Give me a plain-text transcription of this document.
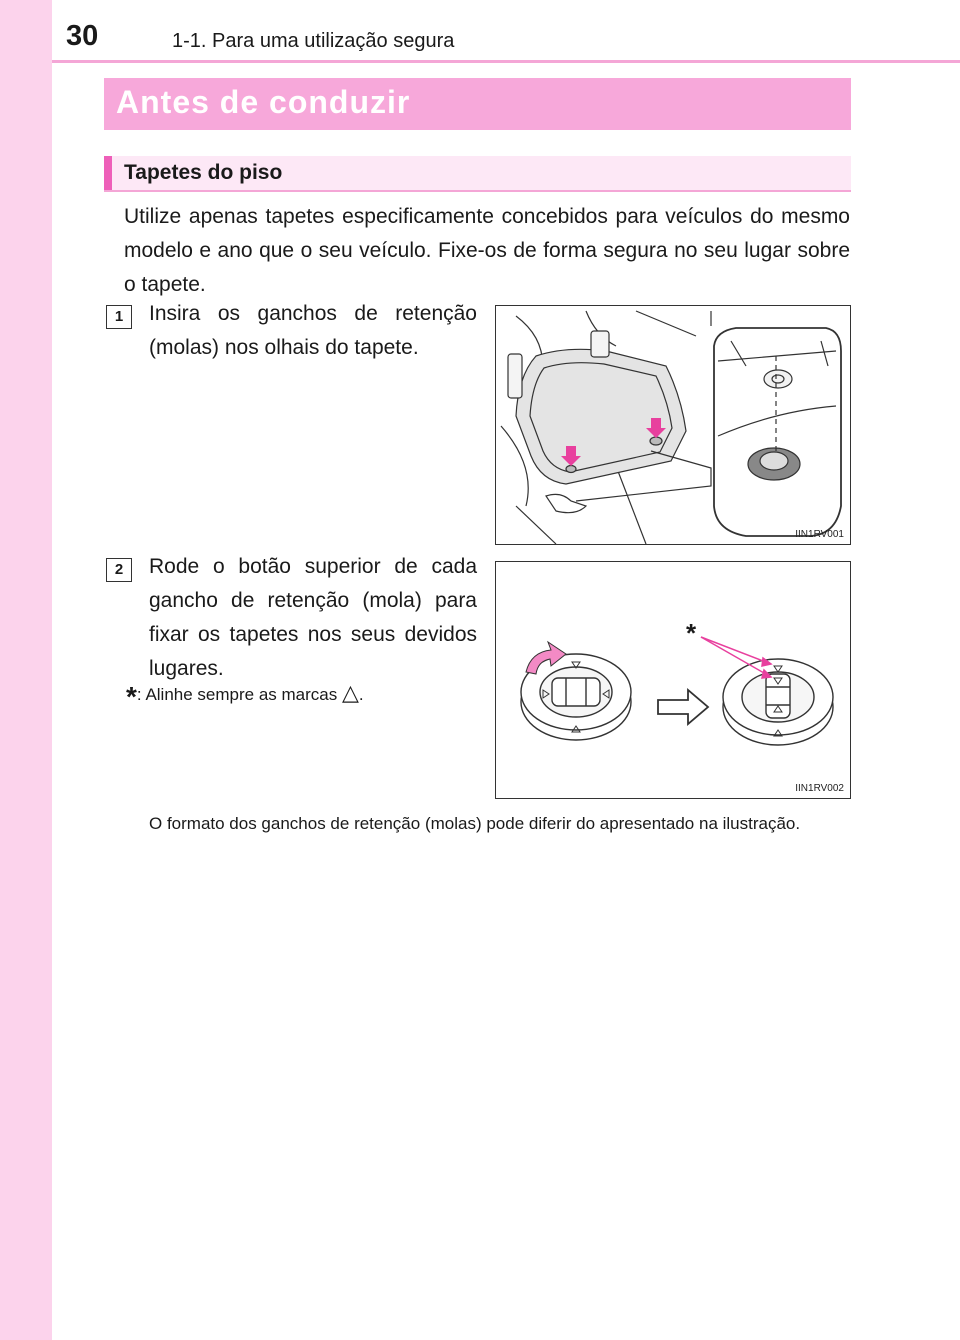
30	1-1. Para uma utilização segura
Antes de conduzir
Tapetes do piso

Utilize apenas tapetes especificamente concebidos para veículos do mesmo modelo e ano que o seu veículo. Fixe-os de forma segura no seu lugar sobre o tapete.

1	Insira os ganchos de retenção (molas) nos olhais do tapete.

IIN1RV001
2	Rode o botão superior de cada gancho de retenção (mola) para fixar os tapetes nos seus devidos lugares.

*
IIN1RV002
*: Alinhe sempre as marcas △.

O formato dos ganchos de retenção (molas) pode diferir do apresentado na ilustração.
